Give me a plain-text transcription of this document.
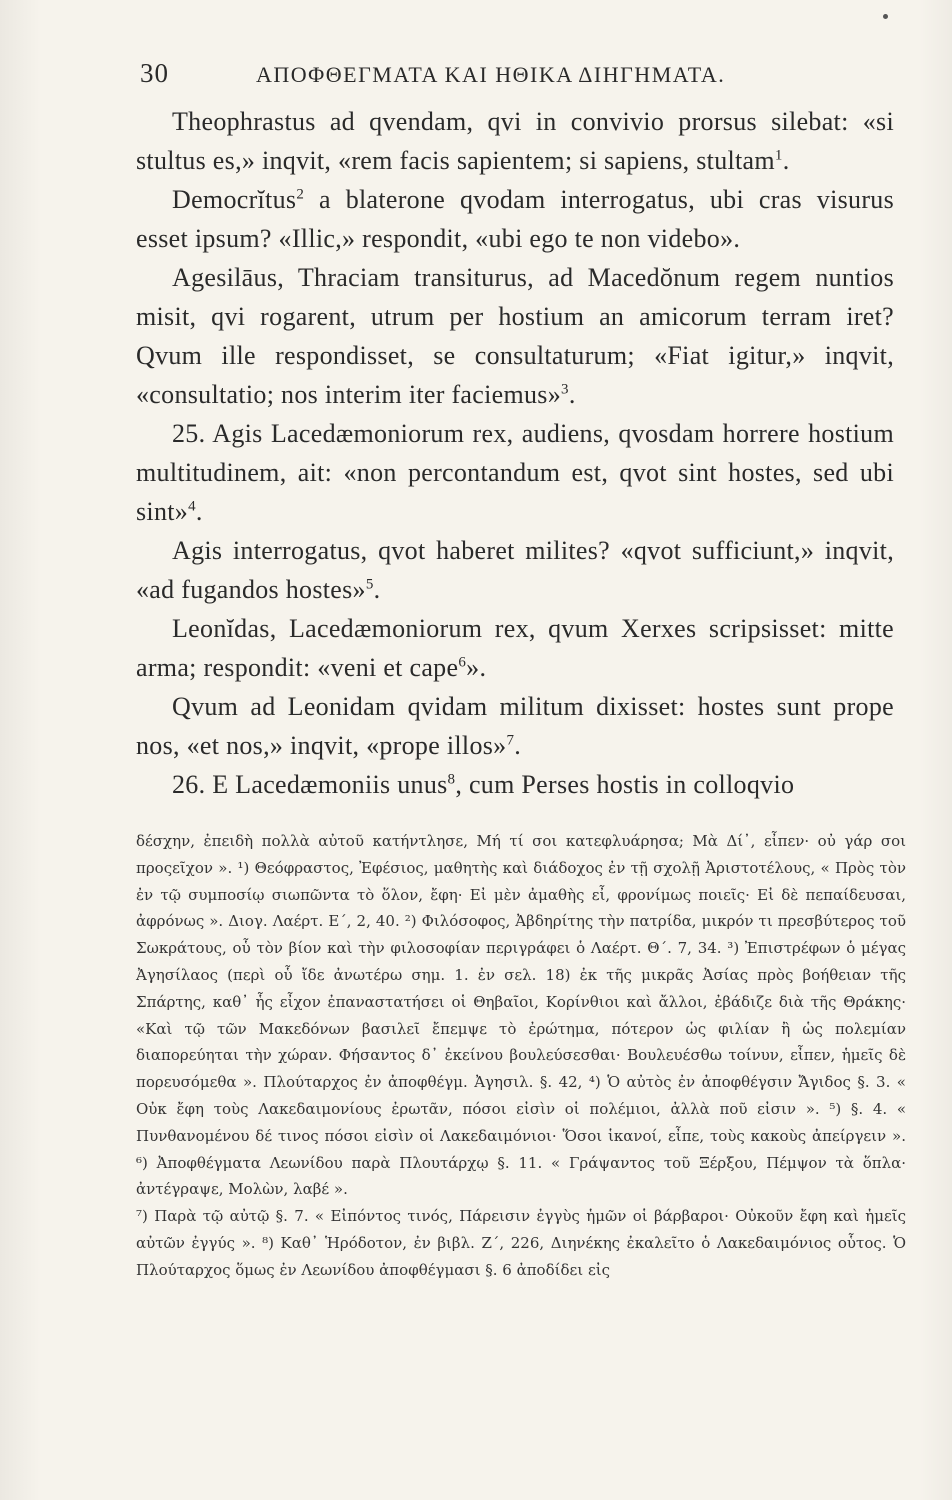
30	ΑΠΟΦΘΕΓΜΑΤΑ ΚΑΙ ΗΘΙΚΑ ΔΙΗΓΗΜΑΤΑ.

Theophrastus ad qvendam, qvi in convivio prorsus silebat: «si stultus es,» inqvit, «rem facis sapientem; si sapiens, stultam$^1$.

Democrĭtus$^2$ a blaterone qvodam interrogatus, ubi cras visurus esset ipsum? «Illic,» respondit, «ubi ego te non videbo».

Agesilāus, Thraciam transiturus, ad Macedŏnum regem nuntios misit, qvi rogarent, utrum per hostium an amicorum terram iret? Qvum ille respondisset, se consultaturum; «Fiat igitur,» inqvit, «consultatio; nos interim iter faciemus»$^3$.

25. Agis Lacedæmoniorum rex, audiens, qvosdam horrere hostium multitudinem, ait: «non percontandum est, qvot sint hostes, sed ubi sint»$^4$.

Agis interrogatus, qvot haberet milites? «qvot sufficiunt,» inqvit, «ad fugandos hostes»$^5$.

Leonĭdas, Lacedæmoniorum rex, qvum Xerxes scripsisset: mitte arma; respondit: «veni et cape$^6$».

Qvum ad Leonidam qvidam militum dixisset: hostes sunt prope nos, «et nos,» inqvit, «prope illos»$^7$.

26. E Lacedæmoniis unus$^8$, cum Perses hostis in colloqvio

δέσχην, ἐπειδὴ πολλὰ αὐτοῦ κατήντλησε, Μή τί σοι κατεφλυάρησα; Μὰ Δί᾽, εἶπεν· οὐ γάρ σοι προςεῖχον ». ¹) Θεόφραστος, Ἐφέσιος, μαθητὴς καὶ διάδοχος ἐν τῇ σχολῇ Ἀριστοτέλους, « Πρὸς τὸν ἐν τῷ συμποσίῳ σιωπῶντα τὸ ὅλον, ἔφη· Εἰ μὲν ἀμαθὴς εἶ, φρονίμως ποιεῖς· Εἰ δὲ πεπαίδευσαι, ἀφρόνως ». Διογ. Λαέρτ. Ε΄, 2, 40. ²) Φιλόσοφος, Ἀβδηρίτης τὴν πατρίδα, μικρόν τι πρεσβύτερος τοῦ Σωκράτους, οὗ τὸν βίον καὶ τὴν φιλοσοφίαν περιγράφει ὁ Λαέρτ. Θ΄. 7, 34. ³) Ἐπιστρέφων ὁ μέγας Ἀγησίλαος (περὶ οὗ ἴδε ἀνωτέρω σημ. 1. ἐν σελ. 18) ἐκ τῆς μικρᾶς Ἀσίας πρὸς βοήθειαν τῆς Σπάρτης, καθ᾽ ἧς εἶχον ἐπαναστατήσει οἱ Θηβαῖοι, Κορίνθιοι καὶ ἄλλοι, ἐβάδιζε διὰ τῆς Θράκης· «Καὶ τῷ τῶν Μακεδόνων βασιλεῖ ἔπεμψε τὸ ἐρώτημα, πότερον ὡς φιλίαν ἢ ὡς πολεμίαν διαπορεύηται τὴν χώραν. Φήσαντος δ᾽ ἐκείνου βουλεύσεσθαι· Βουλευέσθω τοίνυν, εἶπεν, ἡμεῖς δὲ πορευσόμεθα ». Πλούταρχος ἐν ἀποφθέγμ. Ἀγησιλ. §. 42, ⁴) Ὁ αὐτὸς ἐν ἀποφθέγσιν Ἄγιδος §. 3. « Οὐκ ἔφη τοὺς Λακεδαιμονίους ἐρωτᾶν, πόσοι εἰσὶν οἱ πολέμιοι, ἀλλὰ ποῦ εἰσιν ». ⁵) §. 4. « Πυνθανομένου δέ τινος πόσοι εἰσὶν οἱ Λακεδαιμόνιοι· Ὅσοι ἱκανοί, εἶπε, τοὺς κακοὺς ἀπείργειν ». ⁶) Ἀποφθέγματα Λεωνίδου παρὰ Πλουτάρχῳ §. 11. « Γράψαντος τοῦ Ξέρξου, Πέμψον τὰ ὅπλα· ἀντέγραψε, Μολὼν, λαβέ ».

⁷) Παρὰ τῷ αὐτῷ §. 7. « Εἰπόντος τινός, Πάρεισιν ἐγγὺς ἡμῶν οἱ βάρβαροι· Οὐκοῦν ἔφη καὶ ἡμεῖς αὐτῶν ἐγγύς ». ⁸) Καθ᾽ Ἡρόδοτον, ἐν βιβλ. Ζ΄, 226, Διηνέκης ἐκαλεῖτο ὁ Λακεδαιμόνιος οὗτος. Ὁ Πλούταρχος ὅμως ἐν Λεωνίδου ἀποφθέγμασι §. 6 ἀποδίδει εἰς
